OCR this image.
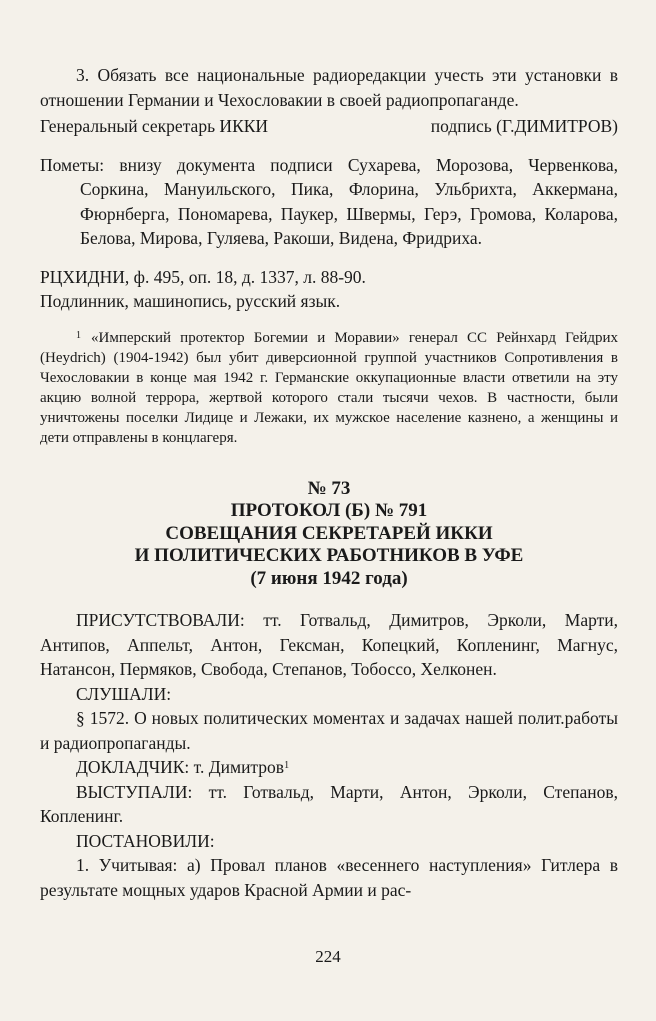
3. Обязать все национальные радиоредакции учесть эти установки в отношении Германии и Чехословакии в своей радиопропаганде.

Генеральный секретарь ИККИ	подпись (Г.ДИМИТРОВ)

Пометы: внизу документа подписи Сухарева, Морозова, Червенкова, Соркина, Мануильского, Пика, Флорина, Ульбрихта, Аккермана, Фюрнберга, Пономарева, Паукер, Швермы, Герэ, Громова, Коларова, Белова, Мирова, Гуляева, Ракоши, Видена, Фридриха.

РЦХИДНИ, ф. 495, оп. 18, д. 1337, л. 88-90.

Подлинник, машинопись, русский язык.

$^1$ «Имперский протектор Богемии и Моравии» генерал СС Рейнхард Гейдрих (Heydrich) (1904-1942) был убит диверсионной группой участников Сопротивления в Чехословакии в конце мая 1942 г. Германские оккупационные власти ответили на эту акцию волной террора, жертвой которого стали тысячи чехов. В частности, были уничтожены поселки Лидице и Лежаки, их мужское население казнено, а женщины и дети отправлены в концлагеря.

№ 73

ПРОТОКОЛ (Б) № 791

СОВЕЩАНИЯ СЕКРЕТАРЕЙ ИККИ

И ПОЛИТИЧЕСКИХ РАБОТНИКОВ В УФЕ

(7 июня 1942 года)

ПРИСУТСТВОВАЛИ: тт. Готвальд, Димитров, Эрколи, Марти, Антипов, Аппельт, Антон, Гексман, Копецкий, Копленинг, Магнус, Натансон, Пермяков, Свобода, Степанов, Тобоссо, Хелконен.

СЛУШАЛИ:

§ 1572. О новых политических моментах и задачах нашей полит.работы и радиопропаганды.

ДОКЛАДЧИК: т. Димитров$^1$

ВЫСТУПАЛИ: тт. Готвальд, Марти, Антон, Эрколи, Степанов, Копленинг.

ПОСТАНОВИЛИ:

1. Учитывая: а) Провал планов «весеннего наступления» Гитлера в результате мощных ударов Красной Армии и рас-

224
